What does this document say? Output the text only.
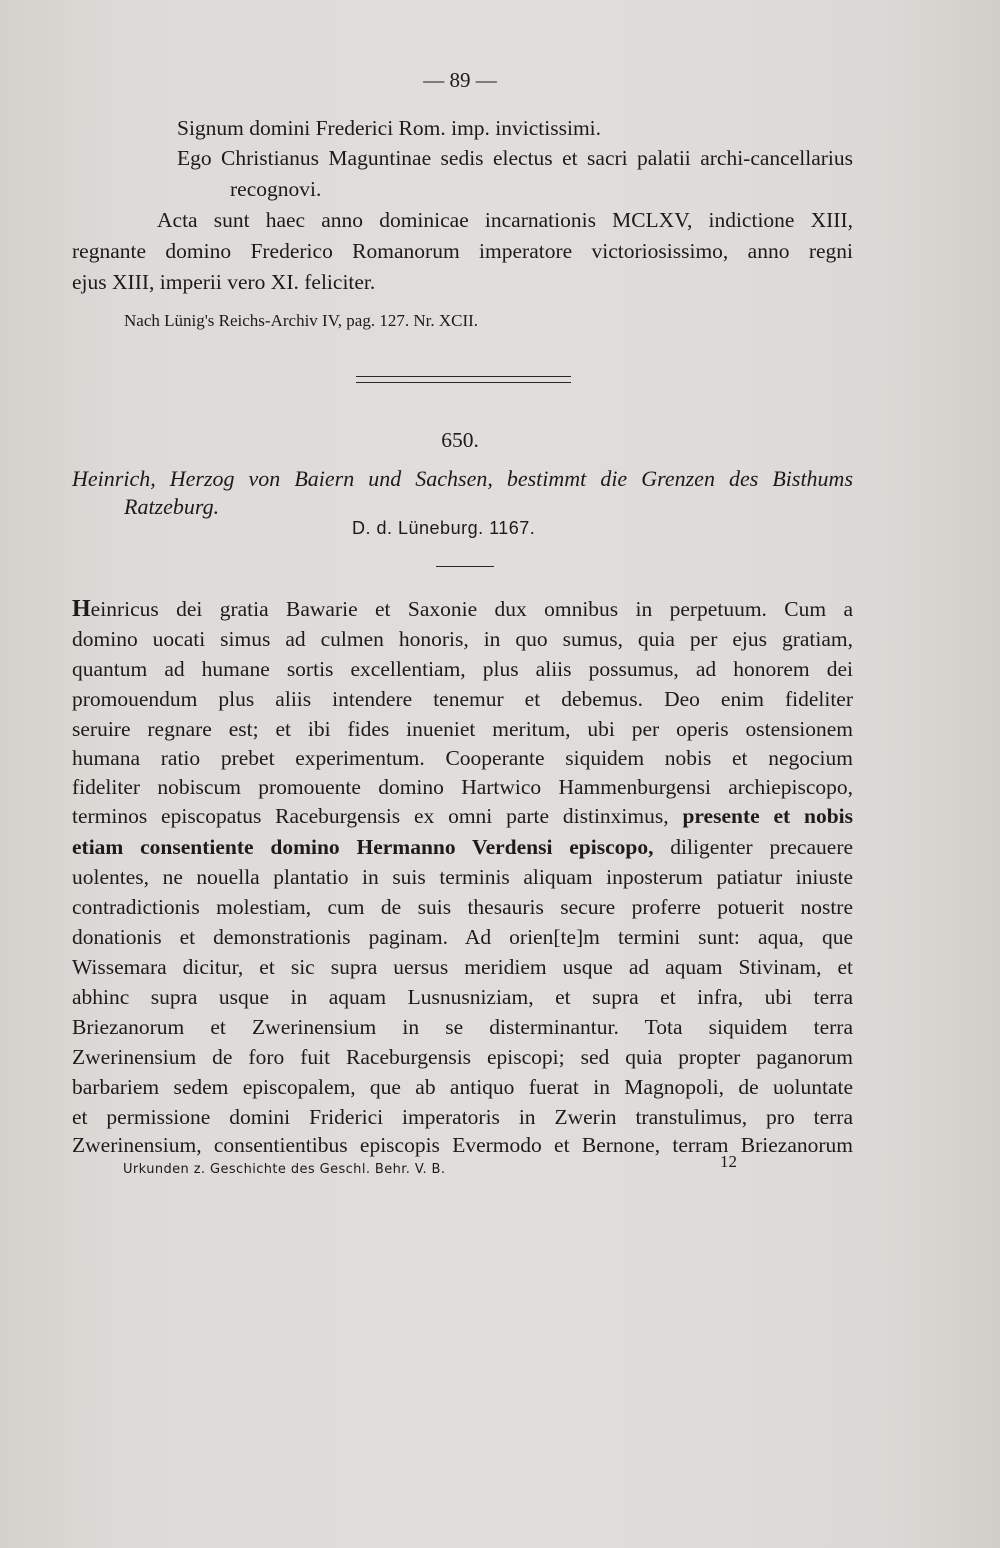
— 89 —
Signum domini Frederici Rom. imp. invictissimi.
Ego Christianus Maguntinae sedis electus et sacri palatii archi-cancellarius
recognovi.
Acta sunt haec anno dominicae incarnationis MCLXV, indictione XIII,
regnante domino Frederico Romanorum imperatore victoriosissimo, anno regni
ejus XIII, imperii vero XI. feliciter.
Nach Lünig's Reichs-Archiv IV, pag. 127. Nr. XCII.
650.
Heinrich, Herzog von Baiern und Sachsen, bestimmt die Grenzen des Bisthums
Ratzeburg.
D. d. Lüneburg. 1167.
Heinricus dei gratia Bawarie et Saxonie dux omnibus in perpetuum. Cum a
domino uocati simus ad culmen honoris, in quo sumus, quia per ejus gratiam,
quantum ad humane sortis excellentiam, plus aliis possumus, ad honorem dei
promouendum plus aliis intendere tenemur et debemus. Deo enim fideliter
seruire regnare est; et ibi fides inueniet meritum, ubi per operis ostensionem
humana ratio prebet experimentum. Cooperante siquidem nobis et negocium
fideliter nobiscum promouente domino Hartwico Hammenburgensi archiepiscopo,
terminos episcopatus Raceburgensis ex omni parte distinximus, presente et nobis
etiam consentiente domino Hermanno Verdensi episcopo, diligenter precauere
uolentes, ne nouella plantatio in suis terminis aliquam inposterum patiatur iniuste
contradictionis molestiam, cum de suis thesauris secure proferre potuerit nostre
donationis et demonstrationis paginam. Ad orien[te]m termini sunt: aqua, que
Wissemara dicitur, et sic supra uersus meridiem usque ad aquam Stivinam, et
abhinc supra usque in aquam Lusnusniziam, et supra et infra, ubi terra
Briezanorum et Zwerinensium in se disterminantur. Tota siquidem terra
Zwerinensium de foro fuit Raceburgensis episcopi; sed quia propter paganorum
barbariem sedem episcopalem, que ab antiquo fuerat in Magnopoli, de uoluntate
et permissione domini Friderici imperatoris in Zwerin transtulimus, pro terra
Zwerinensium, consentientibus episcopis Evermodo et Bernone, terram Briezanorum
Urkunden z. Geschichte des Geschl. Behr. V. B.	12
